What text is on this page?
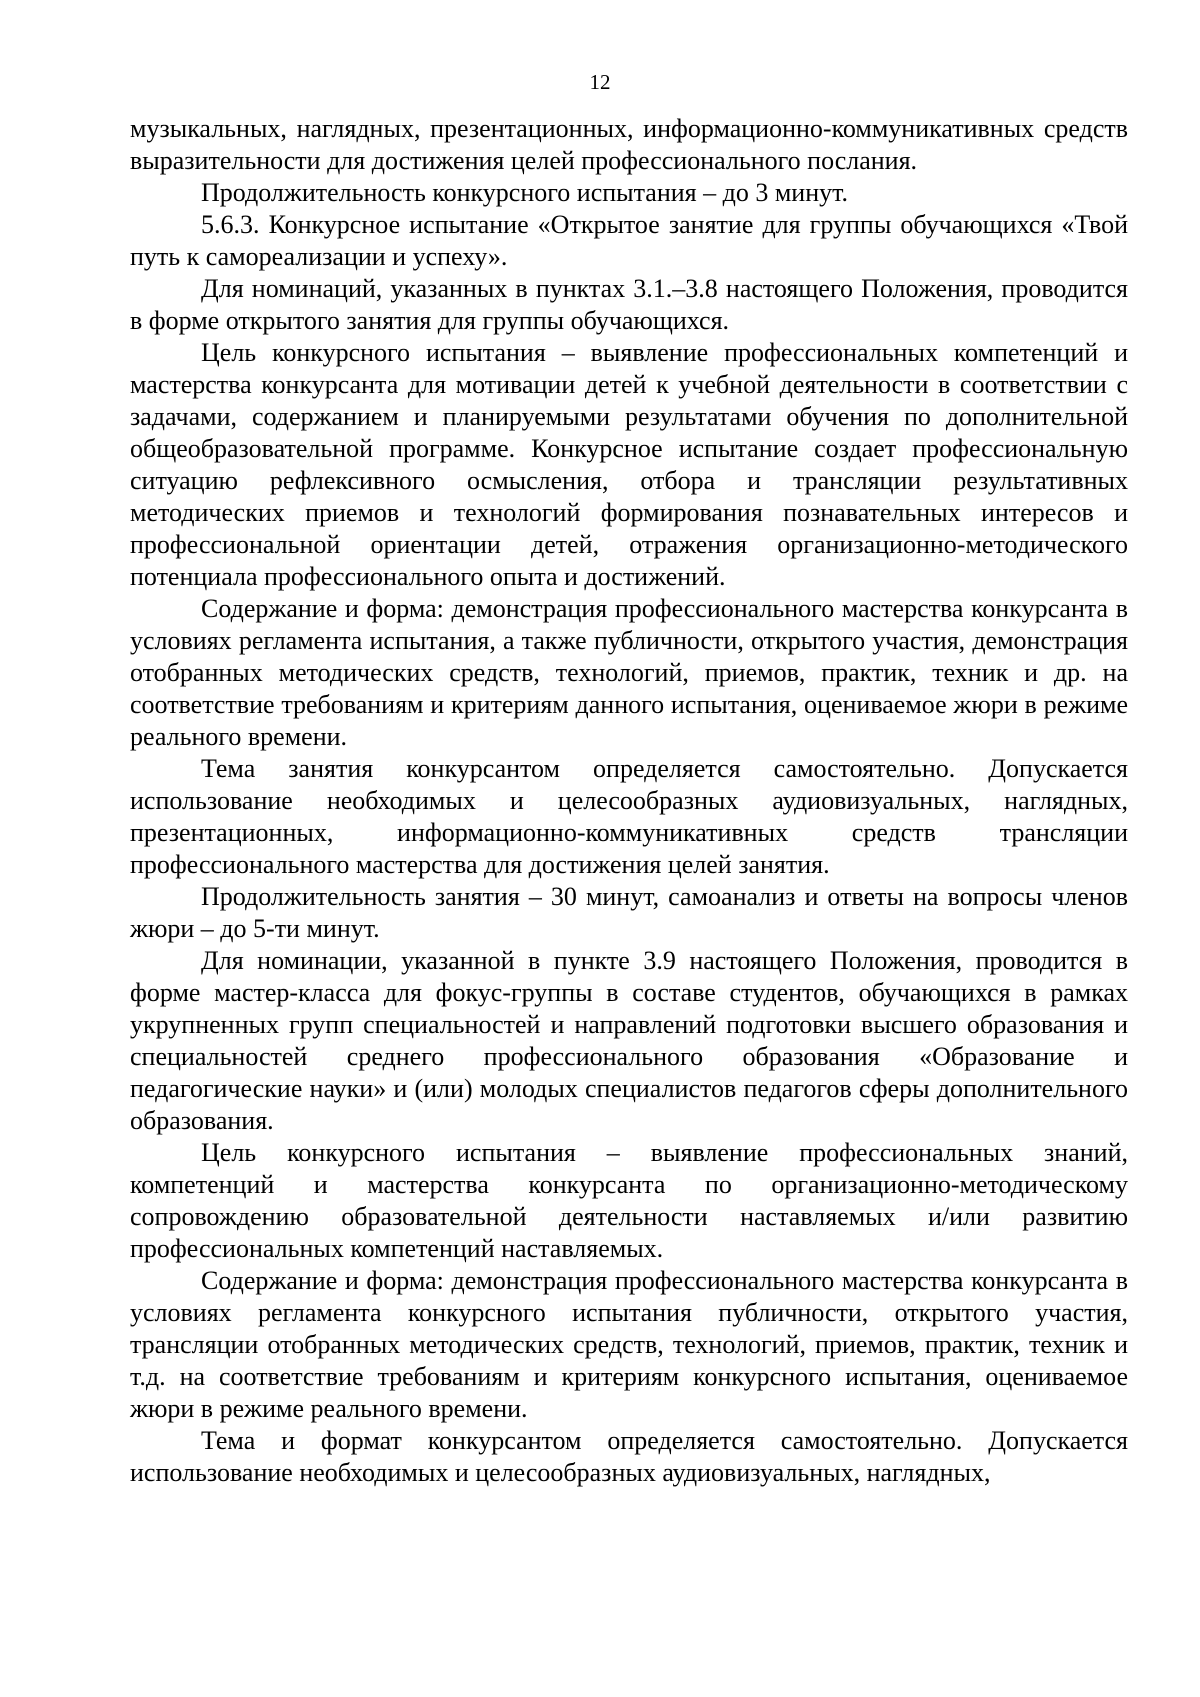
12

музыкальных, наглядных, презентационных, информационно-коммуникативных средств выразительности для достижения целей профессионального послания.

Продолжительность конкурсного испытания – до 3 минут.

5.6.3. Конкурсное испытание «Открытое занятие для группы обучающихся «Твой путь к самореализации и успеху».

Для номинаций, указанных в пунктах 3.1.–3.8 настоящего Положения, проводится в форме открытого занятия для группы обучающихся.

Цель конкурсного испытания – выявление профессиональных компетенций и мастерства конкурсанта для мотивации детей к учебной деятельности в соответствии с задачами, содержанием и планируемыми результатами обучения по дополнительной общеобразовательной программе. Конкурсное испытание создает профессиональную ситуацию рефлексивного осмысления, отбора и трансляции результативных методических приемов и технологий формирования познавательных интересов и профессиональной ориентации детей, отражения организационно-методического потенциала профессионального опыта и достижений.

Содержание и форма: демонстрация профессионального мастерства конкурсанта в условиях регламента испытания, а также публичности, открытого участия, демонстрация отобранных методических средств, технологий, приемов, практик, техник и др. на соответствие требованиям и критериям данного испытания, оцениваемое жюри в режиме реального времени.

Тема занятия конкурсантом определяется самостоятельно. Допускается использование необходимых и целесообразных аудиовизуальных, наглядных, презентационных, информационно-коммуникативных средств трансляции профессионального мастерства для достижения целей занятия.

Продолжительность занятия – 30 минут, самоанализ и ответы на вопросы членов жюри – до 5-ти минут.

Для номинации, указанной в пункте 3.9 настоящего Положения, проводится в форме мастер-класса для фокус-группы в составе студентов, обучающихся в рамках укрупненных групп специальностей и направлений подготовки высшего образования и специальностей среднего профессионального образования «Образование и педагогические науки» и (или) молодых специалистов педагогов сферы дополнительного образования.

Цель конкурсного испытания – выявление профессиональных знаний, компетенций и мастерства конкурсанта по организационно-методическому сопровождению образовательной деятельности наставляемых и/или развитию профессиональных компетенций наставляемых.

Содержание и форма: демонстрация профессионального мастерства конкурсанта в условиях регламента конкурсного испытания публичности, открытого участия, трансляции отобранных методических средств, технологий, приемов, практик, техник и т.д. на соответствие требованиям и критериям конкурсного испытания, оцениваемое жюри в режиме реального времени.

Тема и формат конкурсантом определяется самостоятельно. Допускается использование необходимых и целесообразных аудиовизуальных, наглядных,
